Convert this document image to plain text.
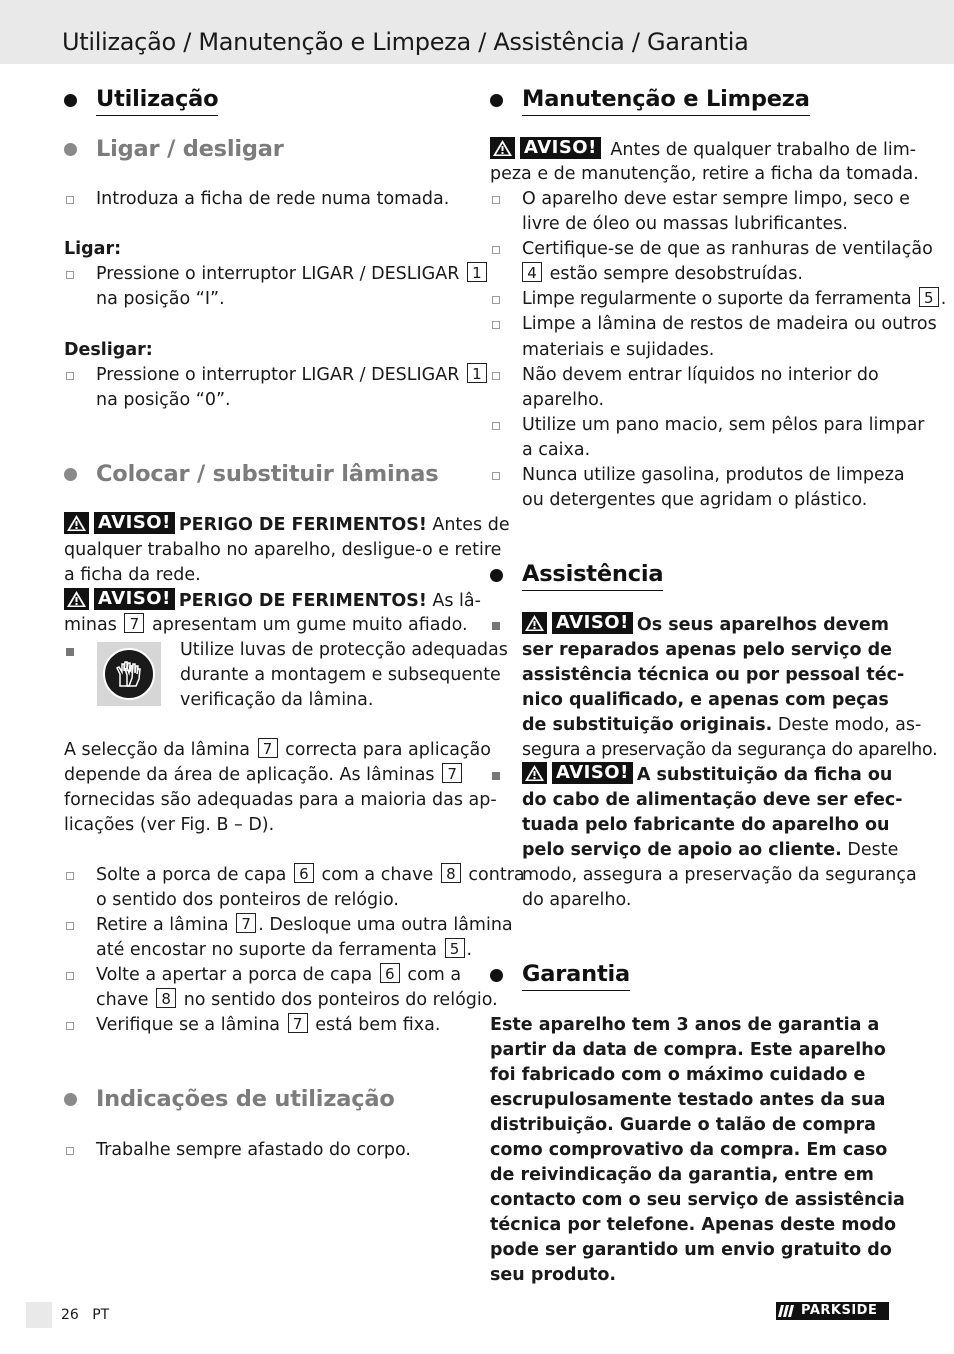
Utilização / Manutenção e Limpeza / Assistência / Garantia
Utilização
Ligar / desligar
Introduza a ficha de rede numa tomada.
Ligar:
Pressione o interruptor LIGAR / DESLIGAR 1
na posição “I”.
Desligar:
Pressione o interruptor LIGAR / DESLIGAR 1
na posição “0”.
Colocar / substituir lâminas
AVISO! PERIGO DE FERIMENTOS! Antes de
qualquer trabalho no aparelho, desligue-o e retire
a ficha da rede.
AVISO! PERIGO DE FERIMENTOS! As lâ-
minas 7 apresentam um gume muito afiado.
Utilize luvas de protecção adequadas
durante a montagem e subsequente
verificação da lâmina.
A selecção da lâmina 7 correcta para aplicação
depende da área de aplicação. As lâminas 7
fornecidas são adequadas para a maioria das ap-
licações (ver Fig. B – D).
Solte a porca de capa 6 com a chave 8 contra
o sentido dos ponteiros de relógio.
Retire a lâmina 7 . Desloque uma outra lâmina
até encostar no suporte da ferramenta 5 .
Volte a apertar a porca de capa 6 com a
chave 8 no sentido dos ponteiros do relógio.
Verifique se a lâmina 7 está bem fixa.
Indicações de utilização
Trabalhe sempre afastado do corpo.
Manutenção e Limpeza
AVISO! Antes de qualquer trabalho de lim-
peza e de manutenção, retire a ficha da tomada.
O aparelho deve estar sempre limpo, seco e
livre de óleo ou massas lubrificantes.
Certifique-se de que as ranhuras de ventilação
4 estão sempre desobstruídas.
Limpe regularmente o suporte da ferramenta 5 .
Limpe a lâmina de restos de madeira ou outros
materiais e sujidades.
Não devem entrar líquidos no interior do
aparelho.
Utilize um pano macio, sem pêlos para limpar
a caixa.
Nunca utilize gasolina, produtos de limpeza
ou detergentes que agridam o plástico.
Assistência
AVISO! Os seus aparelhos devem
ser reparados apenas pelo serviço de
assistência técnica ou por pessoal téc-
nico qualificado, e apenas com peças
de substituição originais. Deste modo, as-
segura a preservação da segurança do aparelho.
AVISO! A substituição da ficha ou
do cabo de alimentação deve ser efec-
tuada pelo fabricante do aparelho ou
pelo serviço de apoio ao cliente. Deste
modo, assegura a preservação da segurança
do aparelho.
Garantia
Este aparelho tem 3 anos de garantia a
partir da data de compra. Este aparelho
foi fabricado com o máximo cuidado e
escrupulosamente testado antes da sua
distribuição. Guarde o talão de compra
como comprovativo da compra. Em caso
de reivindicação da garantia, entre em
contacto com o seu serviço de assistência
técnica por telefone. Apenas deste modo
pode ser garantido um envio gratuito do
seu produto.
26 PT	PARKSIDE
